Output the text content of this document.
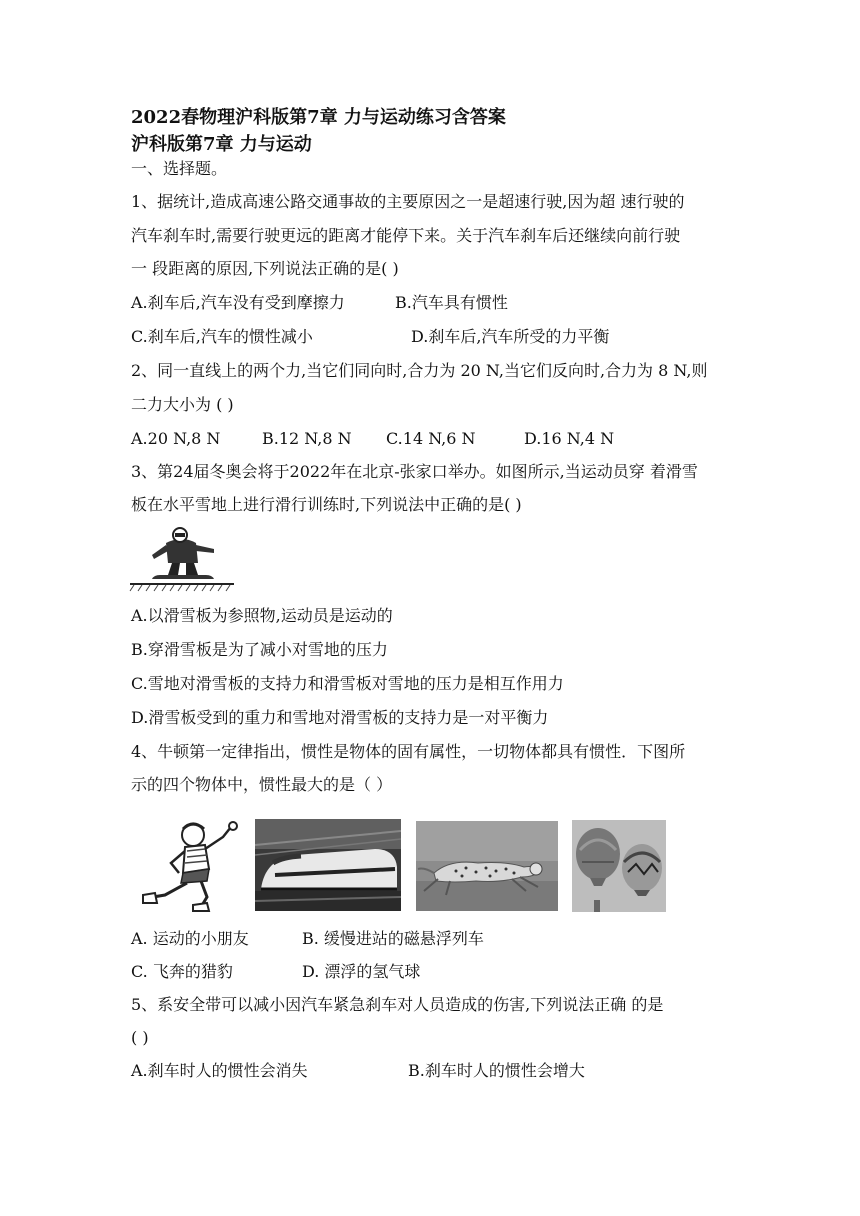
2022春物理沪科版第7章 力与运动练习含答案
沪科版第7章 力与运动
一、选择题。
1、据统计,造成高速公路交通事故的主要原因之一是超速行驶,因为超 速行驶的
汽车刹车时,需要行驶更远的距离才能停下来。关于汽车刹车后还继续向前行驶
一 段距离的原因,下列说法正确的是( )
A.刹车后,汽车没有受到摩擦力	B.汽车具有惯性
C.刹车后,汽车的惯性减小	D.刹车后,汽车所受的力平衡
2、同一直线上的两个力,当它们同向时,合力为 20 N,当它们反向时,合力为 8 N,则
二力大小为 ( )
A.20 N,8 N	B.12 N,8 N C.14 N,6 N	D.16 N,4 N
3、第24届冬奥会将于2022年在北京-张家口举办。如图所示,当运动员穿 着滑雪
板在水平雪地上进行滑行训练时,下列说法中正确的是( )
A.以滑雪板为参照物,运动员是运动的
B.穿滑雪板是为了减小对雪地的压力
C.雪地对滑雪板的支持力和滑雪板对雪地的压力是相互作用力
D.滑雪板受到的重力和雪地对滑雪板的支持力是一对平衡力
4、牛顿第一定律指出，惯性是物体的固有属性，一切物体都具有惯性．下图所
示的四个物体中，惯性最大的是（ ）
A. 运动的小朋友	B. 缓慢进站的磁悬浮列车
C. 飞奔的猎豹	D. 漂浮的氢气球
5、系安全带可以减小因汽车紧急刹车对人员造成的伤害,下列说法正确 的是
( )
A.刹车时人的惯性会消失	B.刹车时人的惯性会增大
